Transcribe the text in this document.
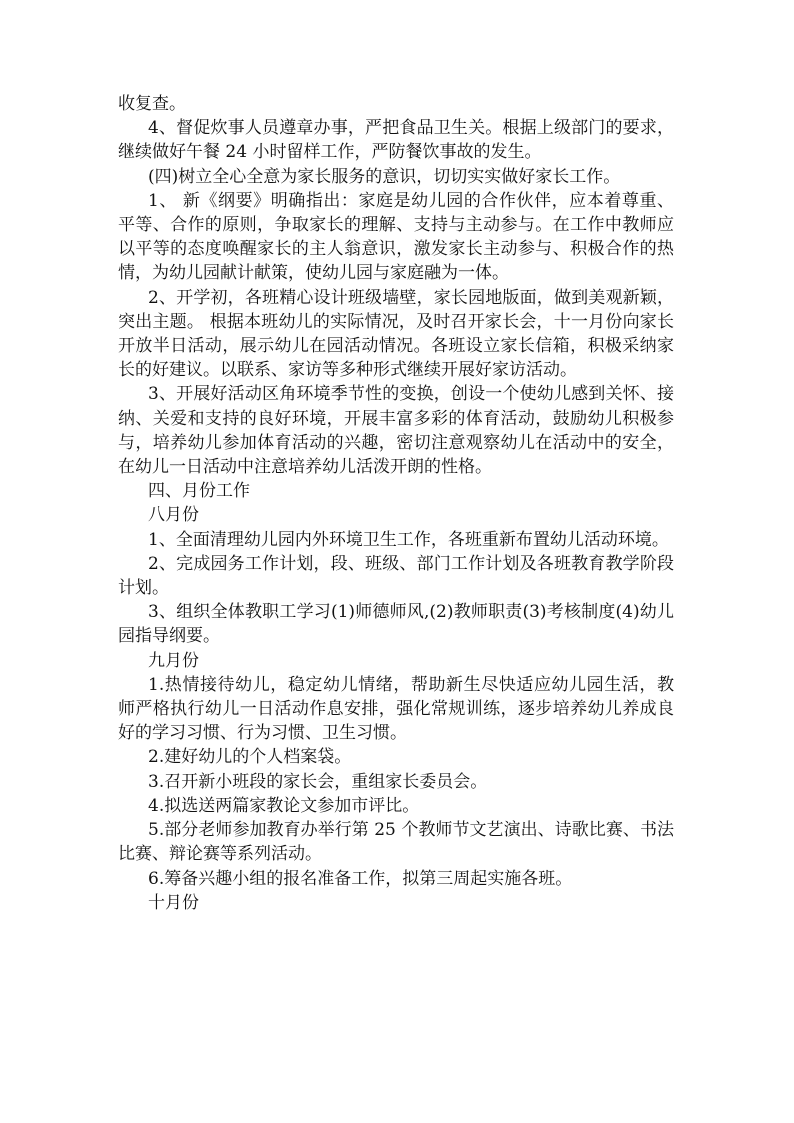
收复查。

4、督促炊事人员遵章办事，严把食品卫生关。根据上级部门的要求，继续做好午餐 24 小时留样工作，严防餐饮事故的发生。

(四)树立全心全意为家长服务的意识，切切实实做好家长工作。

1、 新《纲要》明确指出：家庭是幼儿园的合作伙伴，应本着尊重、平等、合作的原则，争取家长的理解、支持与主动参与。在工作中教师应以平等的态度唤醒家长的主人翁意识，激发家长主动参与、积极合作的热情，为幼儿园献计献策，使幼儿园与家庭融为一体。

2、开学初，各班精心设计班级墙壁，家长园地版面，做到美观新颖，突出主题。 根据本班幼儿的实际情况，及时召开家长会，十一月份向家长开放半日活动，展示幼儿在园活动情况。各班设立家长信箱，积极采纳家长的好建议。以联系、家访等多种形式继续开展好家访活动。

3、开展好活动区角环境季节性的变换，创设一个使幼儿感到关怀、接纳、关爱和支持的良好环境，开展丰富多彩的体育活动，鼓励幼儿积极参与，培养幼儿参加体育活动的兴趣，密切注意观察幼儿在活动中的安全，在幼儿一日活动中注意培养幼儿活泼开朗的性格。

四、月份工作

八月份

1、全面清理幼儿园内外环境卫生工作，各班重新布置幼儿活动环境。

2、完成园务工作计划，段、班级、部门工作计划及各班教育教学阶段计划。

3、组织全体教职工学习(1)师德师风,(2)教师职责(3)考核制度(4)幼儿园指导纲要。

九月份

1.热情接待幼儿，稳定幼儿情绪，帮助新生尽快适应幼儿园生活，教师严格执行幼儿一日活动作息安排，强化常规训练，逐步培养幼儿养成良好的学习习惯、行为习惯、卫生习惯。

2.建好幼儿的个人档案袋。

3.召开新小班段的家长会，重组家长委员会。

4.拟选送两篇家教论文参加市评比。

5.部分老师参加教育办举行第 25 个教师节文艺演出、诗歌比赛、书法比赛、辩论赛等系列活动。

6.筹备兴趣小组的报名准备工作，拟第三周起实施各班。

十月份
